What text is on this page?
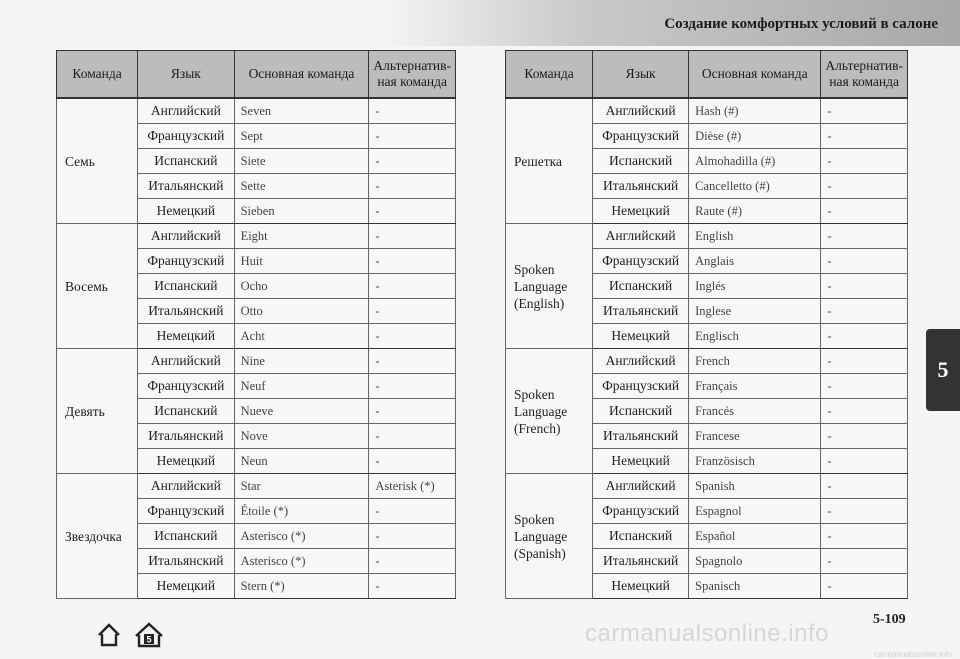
Создание комфортных условий в салоне
Команда	Язык	Основная команда	Альтернатив-
ная команда
Семь	Английский	Seven	-
	Французский	Sept	-
	Испанский	Siete	-
	Итальянский	Sette	-
	Немецкий	Sieben	-
Восемь	Английский	Eight	-
	Французский	Huit	-
	Испанский	Ocho	-
	Итальянский	Otto	-
	Немецкий	Acht	-
Девять	Английский	Nine	-
	Французский	Neuf	-
	Испанский	Nueve	-
	Итальянский	Nove	-
	Немецкий	Neun	-
Звездочка	Английский	Star	Asterisk (*)
	Французский	Étoile (*)	-
	Испанский	Asterisco (*)	-
	Итальянский	Asterisco (*)	-
	Немецкий	Stern (*)	-
Команда	Язык	Основная команда	Альтернатив-
ная команда
Решетка	Английский	Hash (#)	-
	Французский	Dièse (#)	-
	Испанский	Almohadilla (#)	-
	Итальянский	Cancelletto (#)	-
	Немецкий	Raute (#)	-
Spoken
Language
(English)	Английский	English	-
	Французский	Anglais	-
	Испанский	Inglés	-
	Итальянский	Inglese	-
	Немецкий	Englisch	-
Spoken
Language
(French)	Английский	French	-
	Французский	Français	-
	Испанский	Francés	-
	Итальянский	Francese	-
	Немецкий	Französisch	-
Spoken
Language
(Spanish)	Английский	Spanish	-
	Французский	Espagnol	-
	Испанский	Español	-
	Итальянский	Spagnolo	-
	Немецкий	Spanisch	-
5
5-109
5	carmanualsonline.info
carmanualsonline.info
